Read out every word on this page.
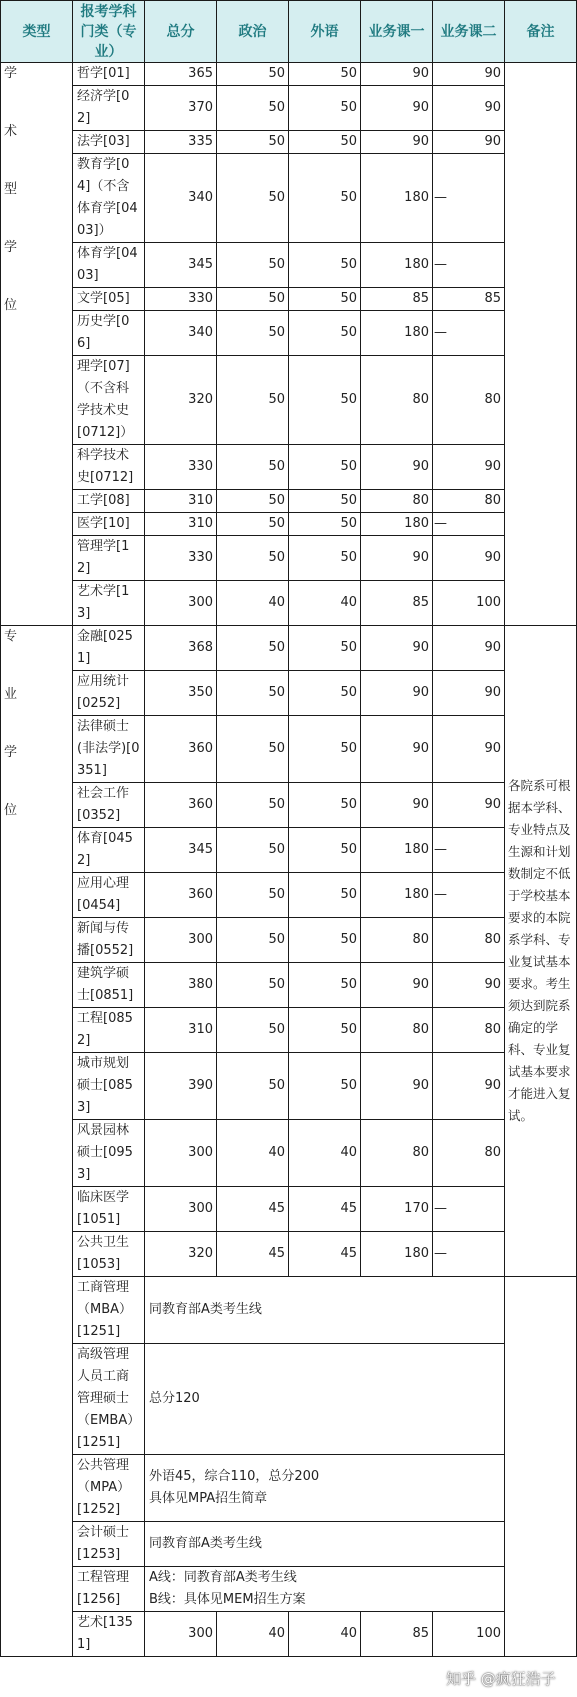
类型	报考学科门类（专业）	总分	政治	外语	业务课一	业务课二	备注

学
术
型
学
位	哲学[01]	365	50	50	90	90	
	经济学[02]	370	50	50	90	90	
	法学[03]	335	50	50	90	90	
	教育学[04]（不含体育学[0403]）	340	50	50	180	—	
	体育学[0403]	345	50	50	180	—	
	文学[05]	330	50	50	85	85	
	历史学[06]	340	50	50	180	—	
	理学[07]（不含科学技术史[0712]）	320	50	50	80	80	
	科学技术史[0712]	330	50	50	90	90	
	工学[08]	310	50	50	80	80	
	医学[10]	310	50	50	180	—	
	管理学[12]	330	50	50	90	90	
	艺术学[13]	300	40	40	85	100	

专
业
学
位	金融[0251]	368	50	50	90	90	各院系可根据本学科、专业特点及生源和计划数制定不低于学校基本要求的本院系学科、专业复试基本要求。考生须达到院系确定的学科、专业复试基本要求才能进入复试。
	应用统计[0252]	350	50	50	90	90	
	法律硕士(非法学)[0351]	360	50	50	90	90	
	社会工作[0352]	360	50	50	90	90	
	体育[0452]	345	50	50	180	—	
	应用心理[0454]	360	50	50	180	—	
	新闻与传播[0552]	300	50	50	80	80	
	建筑学硕士[0851]	380	50	50	90	90	
	工程[0852]	310	50	50	80	80	
	城市规划硕士[0853]	390	50	50	90	90	
	风景园林硕士[0953]	300	40	40	80	80	
	临床医学[1051]	300	45	45	170	—	
	公共卫生[1053]	320	45	45	180	—	
	工商管理（MBA）[1251]	同教育部A类考生线					

	高级管理人员工商管理硕士（EMBA）[1251]	总分120					

	公共管理（MPA）[1252]	外语45，综合110，总分200
具体见MPA招生简章					

	会计硕士[1253]	同教育部A类考生线					

	工程管理[1256]	A线：同教育部A类考生线
B线：具体见MEM招生方案					

	艺术[1351]	300	40	40	85	100	
知乎 @疯狂浩子
